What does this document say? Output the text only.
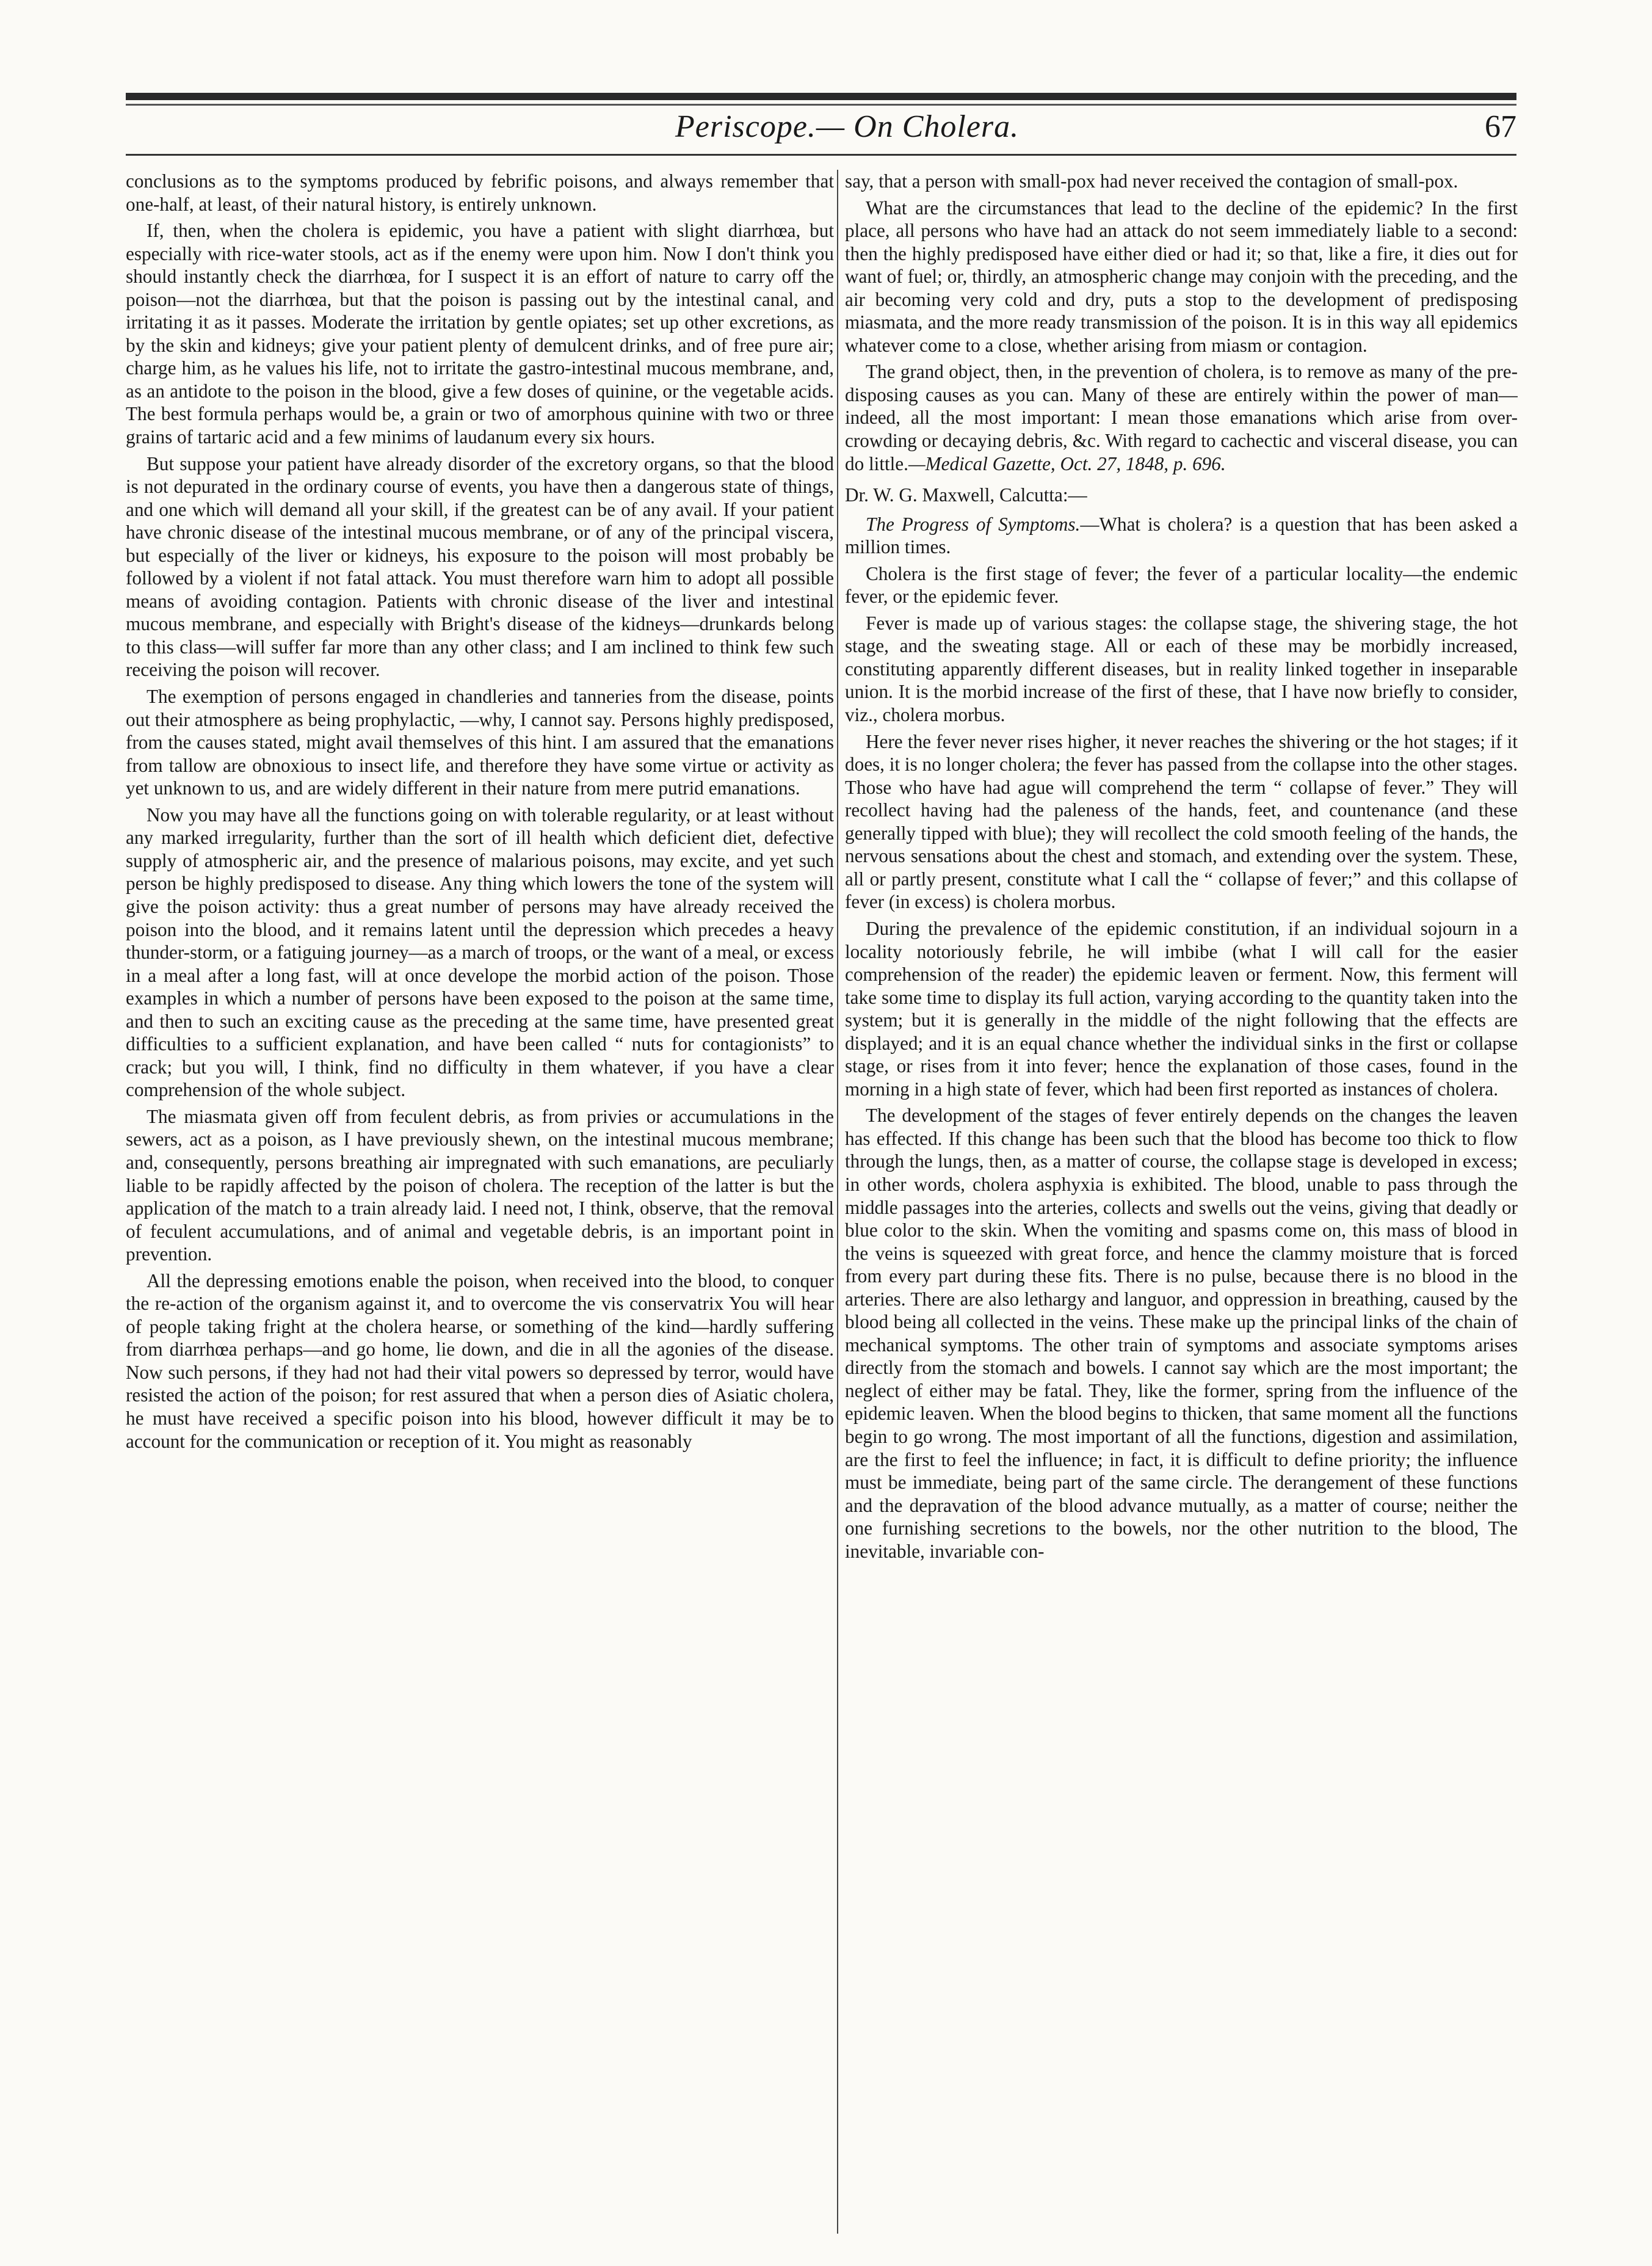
Periscope.— On Cholera.	67

conclusions as to the symptoms produced by febrific poisons, and always remember that one-half, at least, of their natural history, is entirely unknown.

If, then, when the cholera is epidemic, you have a patient with slight diarrhœa, but especially with rice-water stools, act as if the enemy were upon him. Now I don't think you should instantly check the diarrhœa, for I suspect it is an effort of nature to carry off the poison—not the diarrhœa, but that the poison is passing out by the intestinal canal, and irritating it as it passes. Moderate the irritation by gentle opiates; set up other excretions, as by the skin and kidneys; give your patient plenty of demulcent drinks, and of free pure air; charge him, as he values his life, not to irritate the gastro-intestinal mucous membrane, and, as an antidote to the poison in the blood, give a few doses of quinine, or the vegetable acids. The best formula perhaps would be, a grain or two of amorphous quinine with two or three grains of tartaric acid and a few minims of laudanum every six hours.

But suppose your patient have already disorder of the excretory organs, so that the blood is not depurated in the ordinary course of events, you have then a dangerous state of things, and one which will demand all your skill, if the greatest can be of any avail. If your patient have chronic disease of the intestinal mucous membrane, or of any of the principal viscera, but especially of the liver or kidneys, his exposure to the poison will most probably be followed by a violent if not fatal attack. You must therefore warn him to adopt all possible means of avoiding contagion. Patients with chronic disease of the liver and intestinal mucous membrane, and especially with Bright's disease of the kidneys—drunkards belong to this class—will suffer far more than any other class; and I am inclined to think few such receiving the poison will recover.

The exemption of persons engaged in chandleries and tanneries from the disease, points out their atmosphere as being prophylactic, —why, I cannot say. Persons highly predisposed, from the causes stated, might avail themselves of this hint. I am assured that the emanations from tallow are obnoxious to insect life, and therefore they have some virtue or activity as yet unknown to us, and are widely different in their nature from mere putrid emanations.

Now you may have all the functions going on with tolerable regularity, or at least without any marked irregularity, further than the sort of ill health which deficient diet, defective supply of atmospheric air, and the presence of malarious poisons, may excite, and yet such person be highly predisposed to disease. Any thing which lowers the tone of the system will give the poison activity: thus a great number of persons may have already received the poison into the blood, and it remains latent until the depression which precedes a heavy thunder-storm, or a fatiguing journey—as a march of troops, or the want of a meal, or excess in a meal after a long fast, will at once develope the morbid action of the poison. Those examples in which a number of persons have been exposed to the poison at the same time, and then to such an exciting cause as the preceding at the same time, have presented great difficulties to a sufficient explanation, and have been called “ nuts for contagionists” to crack; but you will, I think, find no difficulty in them whatever, if you have a clear comprehension of the whole subject.

The miasmata given off from feculent debris, as from privies or accumulations in the sewers, act as a poison, as I have previously shewn, on the intestinal mucous membrane; and, consequently, persons breathing air impregnated with such emanations, are peculiarly liable to be rapidly affected by the poison of cholera. The reception of the latter is but the application of the match to a train already laid. I need not, I think, observe, that the removal of feculent accumulations, and of animal and vegetable debris, is an important point in prevention.

All the depressing emotions enable the poison, when received into the blood, to conquer the re-action of the organism against it, and to overcome the vis conservatrix You will hear of people taking fright at the cholera hearse, or something of the kind—hardly suffering from diarrhœa perhaps—and go home, lie down, and die in all the agonies of the disease. Now such persons, if they had not had their vital powers so depressed by terror, would have resisted the action of the poison; for rest assured that when a person dies of Asiatic cholera, he must have received a specific poison into his blood, however difficult it may be to account for the communication or reception of it. You might as reasonably

say, that a person with small-pox had never received the contagion of small-pox.

What are the circumstances that lead to the decline of the epidemic? In the first place, all persons who have had an attack do not seem immediately liable to a second: then the highly predisposed have either died or had it; so that, like a fire, it dies out for want of fuel; or, thirdly, an atmospheric change may conjoin with the preceding, and the air becoming very cold and dry, puts a stop to the development of predisposing miasmata, and the more ready transmission of the poison. It is in this way all epidemics whatever come to a close, whether arising from miasm or contagion.

The grand object, then, in the prevention of cholera, is to remove as many of the pre-disposing causes as you can. Many of these are entirely within the power of man—indeed, all the most important: I mean those emanations which arise from over-crowding or decaying debris, &c. With regard to cachectic and visceral disease, you can do little.—Medical Gazette, Oct. 27, 1848, p. 696.

Dr. W. G. Maxwell, Calcutta:—

The Progress of Symptoms.—What is cholera? is a question that has been asked a million times.

Cholera is the first stage of fever; the fever of a particular locality—the endemic fever, or the epidemic fever.

Fever is made up of various stages: the collapse stage, the shivering stage, the hot stage, and the sweating stage. All or each of these may be morbidly increased, constituting apparently different diseases, but in reality linked together in inseparable union. It is the morbid increase of the first of these, that I have now briefly to consider, viz., cholera morbus.

Here the fever never rises higher, it never reaches the shivering or the hot stages; if it does, it is no longer cholera; the fever has passed from the collapse into the other stages. Those who have had ague will comprehend the term “ collapse of fever.” They will recollect having had the paleness of the hands, feet, and countenance (and these generally tipped with blue); they will recollect the cold smooth feeling of the hands, the nervous sensations about the chest and stomach, and extending over the system. These, all or partly present, constitute what I call the “ collapse of fever;” and this collapse of fever (in excess) is cholera morbus.

During the prevalence of the epidemic constitution, if an individual sojourn in a locality notoriously febrile, he will imbibe (what I will call for the easier comprehension of the reader) the epidemic leaven or ferment. Now, this ferment will take some time to display its full action, varying according to the quantity taken into the system; but it is generally in the middle of the night following that the effects are displayed; and it is an equal chance whether the individual sinks in the first or collapse stage, or rises from it into fever; hence the explanation of those cases, found in the morning in a high state of fever, which had been first reported as instances of cholera.

The development of the stages of fever entirely depends on the changes the leaven has effected. If this change has been such that the blood has become too thick to flow through the lungs, then, as a matter of course, the collapse stage is developed in excess; in other words, cholera asphyxia is exhibited. The blood, unable to pass through the middle passages into the arteries, collects and swells out the veins, giving that deadly or blue color to the skin. When the vomiting and spasms come on, this mass of blood in the veins is squeezed with great force, and hence the clammy moisture that is forced from every part during these fits. There is no pulse, because there is no blood in the arteries. There are also lethargy and languor, and oppression in breathing, caused by the blood being all collected in the veins. These make up the principal links of the chain of mechanical symptoms. The other train of symptoms and associate symptoms arises directly from the stomach and bowels. I cannot say which are the most important; the neglect of either may be fatal. They, like the former, spring from the influence of the epidemic leaven. When the blood begins to thicken, that same moment all the functions begin to go wrong. The most important of all the functions, digestion and assimilation, are the first to feel the influence; in fact, it is difficult to define priority; the influence must be immediate, being part of the same circle. The derangement of these functions and the depravation of the blood advance mutually, as a matter of course; neither the one furnishing secretions to the bowels, nor the other nutrition to the blood, The inevitable, invariable con-
